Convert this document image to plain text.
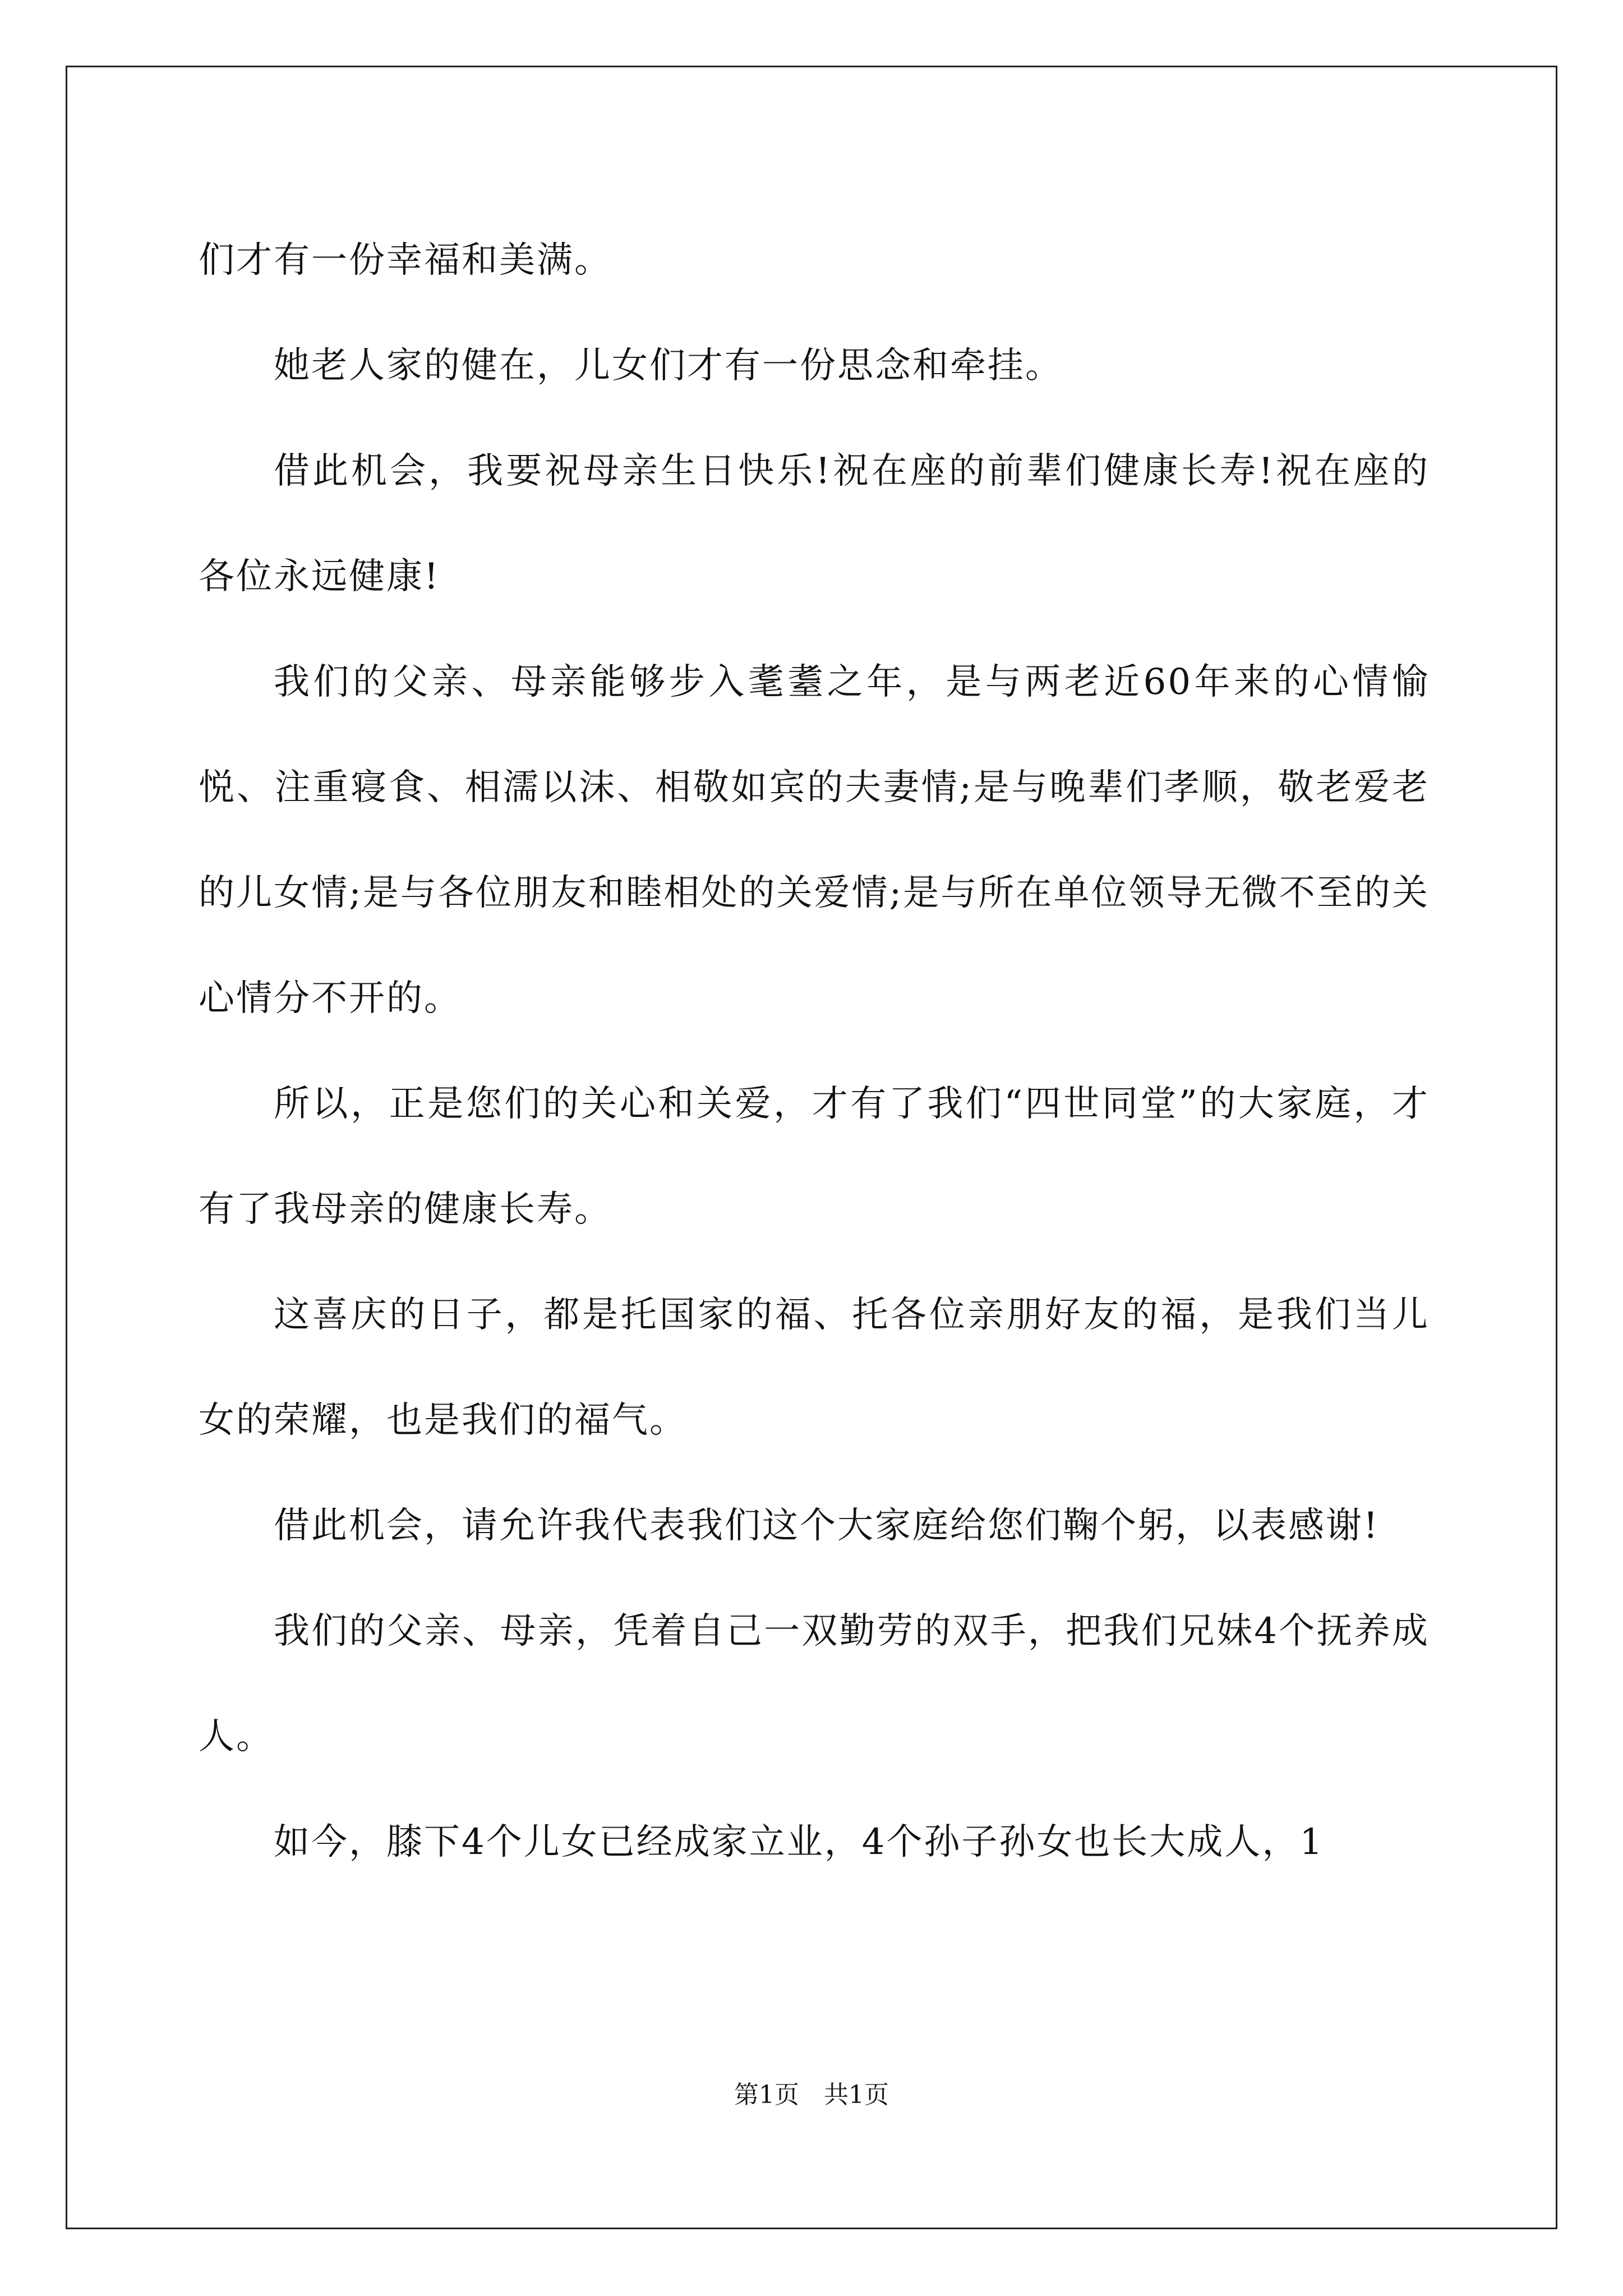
们才有一份幸福和美满。

她老人家的健在，儿女们才有一份思念和牵挂。

借此机会，我要祝母亲生日快乐!祝在座的前辈们健康长寿!祝在座的各位永远健康!

我们的父亲、母亲能够步入耄耋之年，是与两老近60年来的心情愉悦、注重寝食、相濡以沫、相敬如宾的夫妻情;是与晚辈们孝顺，敬老爱老的儿女情;是与各位朋友和睦相处的关爱情;是与所在单位领导无微不至的关心情分不开的。

所以，正是您们的关心和关爱，才有了我们“四世同堂”的大家庭，才有了我母亲的健康长寿。

这喜庆的日子，都是托国家的福、托各位亲朋好友的福，是我们当儿女的荣耀，也是我们的福气。

借此机会，请允许我代表我们这个大家庭给您们鞠个躬，以表感谢!

我们的父亲、母亲，凭着自己一双勤劳的双手，把我们兄妹4个抚养成人。

如今，膝下4个儿女已经成家立业，4个孙子孙女也长大成人，1

第1页 共1页
